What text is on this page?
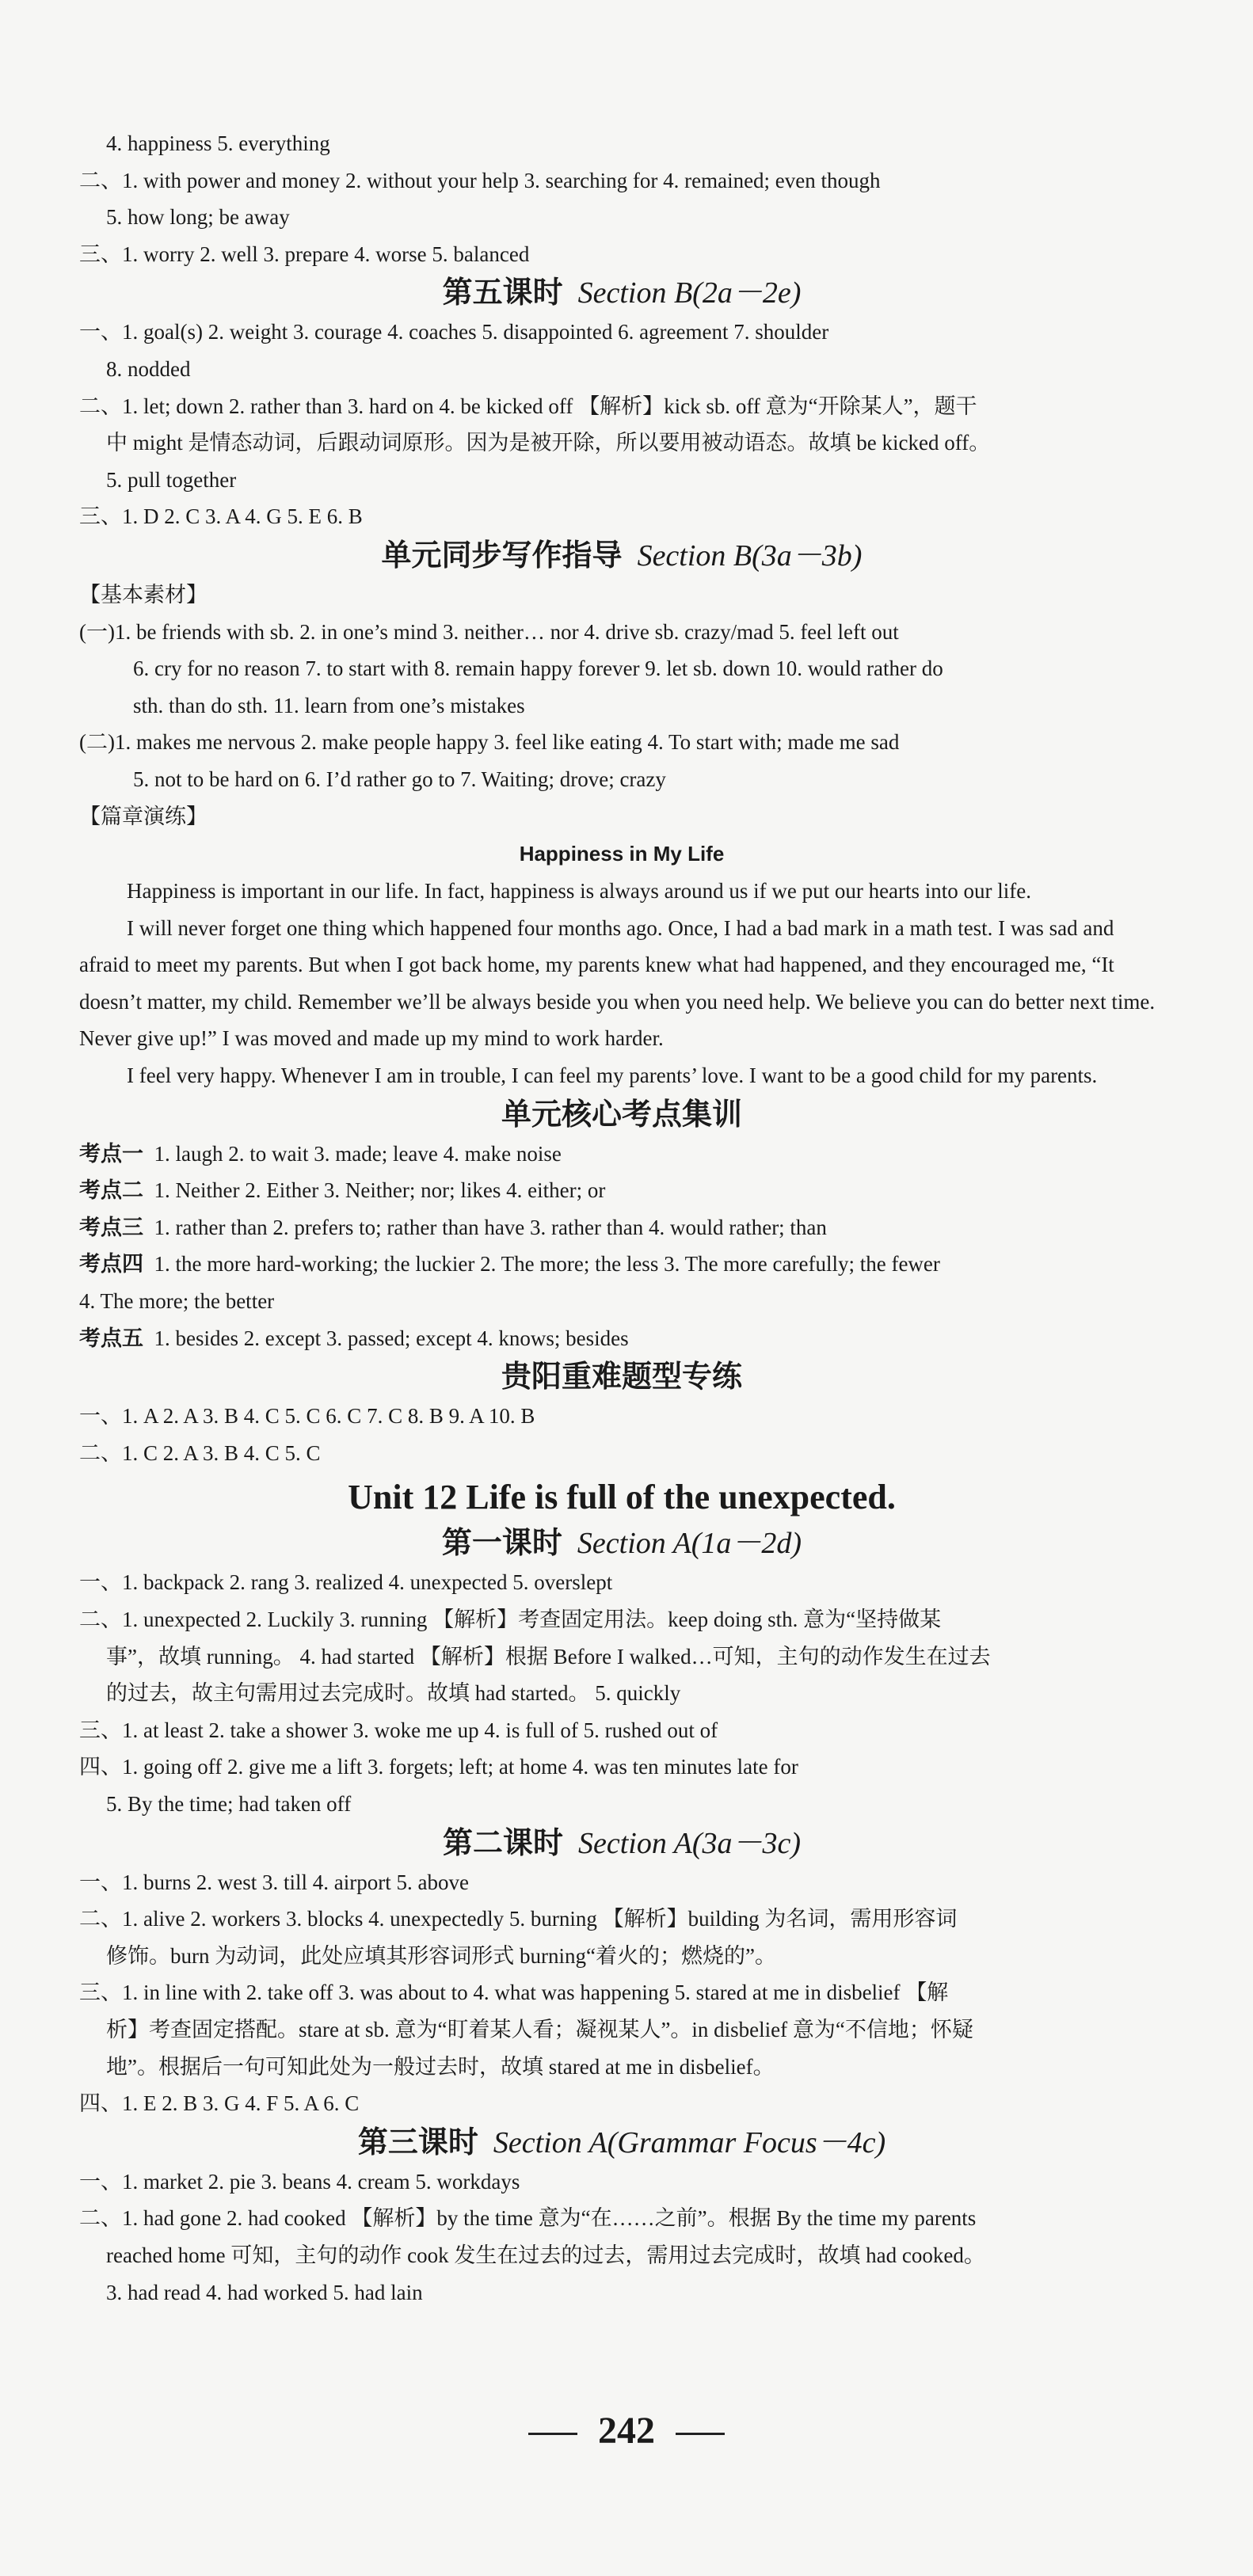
4. happiness 5. everything
二、1. with power and money 2. without your help 3. searching for 4. remained; even though
5. how long; be away
三、1. worry 2. well 3. prepare 4. worse 5. balanced
第五课时 Section B(2a－2e)
一、1. goal(s) 2. weight 3. courage 4. coaches 5. disappointed 6. agreement 7. shoulder
8. nodded
二、1. let; down 2. rather than 3. hard on 4. be kicked off 【解析】kick sb. off 意为“开除某人”，题干
中 might 是情态动词，后跟动词原形。因为是被开除，所以要用被动语态。故填 be kicked off。
5. pull together
三、1. D 2. C 3. A 4. G 5. E 6. B
单元同步写作指导 Section B(3a－3b)
【基本素材】
(一)1. be friends with sb. 2. in one’s mind 3. neither… nor 4. drive sb. crazy/mad 5. feel left out
6. cry for no reason 7. to start with 8. remain happy forever 9. let sb. down 10. would rather do
sth. than do sth. 11. learn from one’s mistakes
(二)1. makes me nervous 2. make people happy 3. feel like eating 4. To start with; made me sad
5. not to be hard on 6. I’d rather go to 7. Waiting; drove; crazy
【篇章演练】
Happiness in My Life
Happiness is important in our life. In fact, happiness is always around us if we put our hearts into our life.
I will never forget one thing which happened four months ago. Once, I had a bad mark in a math test. I was sad and afraid to meet my parents. But when I got back home, my parents knew what had happened, and they encouraged me, “It doesn’t matter, my child. Remember we’ll be always beside you when you need help. We believe you can do better next time. Never give up!” I was moved and made up my mind to work harder.
I feel very happy. Whenever I am in trouble, I can feel my parents’ love. I want to be a good child for my parents.
单元核心考点集训
考点一  1. laugh 2. to wait 3. made; leave 4. make noise
考点二  1. Neither 2. Either 3. Neither; nor; likes 4. either; or
考点三  1. rather than 2. prefers to; rather than have 3. rather than 4. would rather; than
考点四  1. the more hard-working; the luckier 2. The more; the less 3. The more carefully; the fewer
4. The more; the better
考点五  1. besides 2. except 3. passed; except 4. knows; besides
贵阳重难题型专练
一、1. A 2. A 3. B 4. C 5. C 6. C 7. C 8. B 9. A 10. B
二、1. C 2. A 3. B 4. C 5. C
Unit 12 Life is full of the unexpected.
第一课时 Section A(1a－2d)
一、1. backpack 2. rang 3. realized 4. unexpected 5. overslept
二、1. unexpected 2. Luckily 3. running 【解析】考查固定用法。keep doing sth. 意为“坚持做某
事”，故填 running。 4. had started 【解析】根据 Before I walked…可知，主句的动作发生在过去
的过去，故主句需用过去完成时。故填 had started。 5. quickly
三、1. at least 2. take a shower 3. woke me up 4. is full of 5. rushed out of
四、1. going off 2. give me a lift 3. forgets; left; at home 4. was ten minutes late for
5. By the time; had taken off
第二课时 Section A(3a－3c)
一、1. burns 2. west 3. till 4. airport 5. above
二、1. alive 2. workers 3. blocks 4. unexpectedly 5. burning 【解析】building 为名词，需用形容词
修饰。burn 为动词，此处应填其形容词形式 burning“着火的；燃烧的”。
三、1. in line with 2. take off 3. was about to 4. what was happening 5. stared at me in disbelief 【解
析】考查固定搭配。stare at sb. 意为“盯着某人看；凝视某人”。in disbelief 意为“不信地；怀疑
地”。根据后一句可知此处为一般过去时，故填 stared at me in disbelief。
四、1. E 2. B 3. G 4. F 5. A 6. C
第三课时 Section A(Grammar Focus－4c)
一、1. market 2. pie 3. beans 4. cream 5. workdays
二、1. had gone 2. had cooked 【解析】by the time 意为“在……之前”。根据 By the time my parents
reached home 可知，主句的动作 cook 发生在过去的过去，需用过去完成时，故填 had cooked。
3. had read 4. had worked 5. had lain
242
